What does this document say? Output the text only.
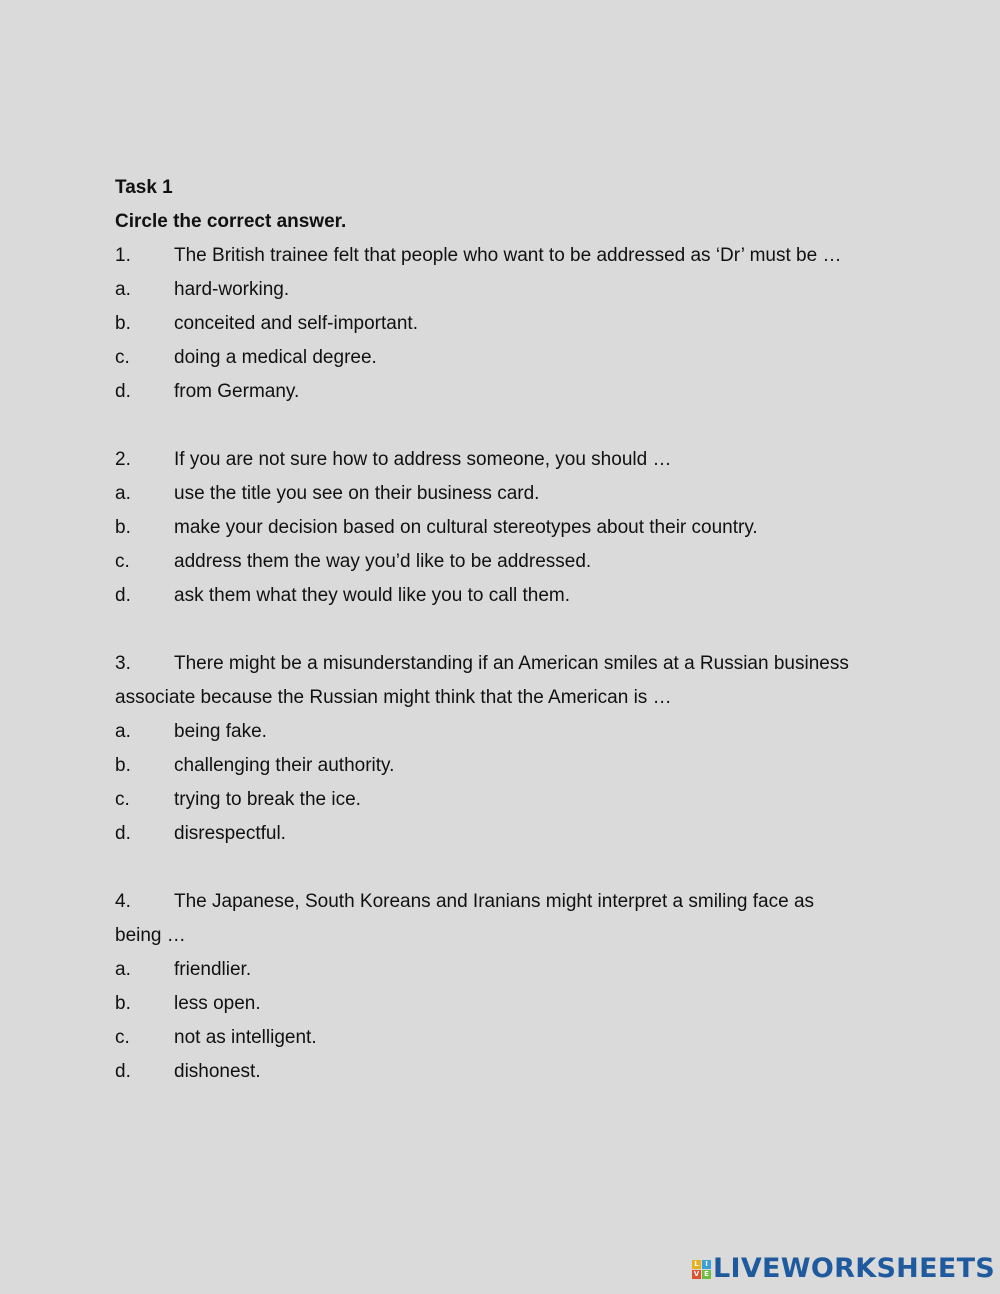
Task 1
Circle the correct answer.
1. The British trainee felt that people who want to be addressed as ‘Dr’ must be …
a. hard-working.
b. conceited and self-important.
c. doing a medical degree.
d. from Germany.
2. If you are not sure how to address someone, you should …
a. use the title you see on their business card.
b. make your decision based on cultural stereotypes about their country.
c. address them the way you’d like to be addressed.
d. ask them what they would like you to call them.
3. There might be a misunderstanding if an American smiles at a Russian business
associate because the Russian might think that the American is …
a. being fake.
b. challenging their authority.
c. trying to break the ice.
d. disrespectful.
4. The Japanese, South Koreans and Iranians might interpret a smiling face as
being …
a. friendlier.
b. less open.
c. not as intelligent.
d. dishonest.
L I
V E LIVEWORKSHEETS
